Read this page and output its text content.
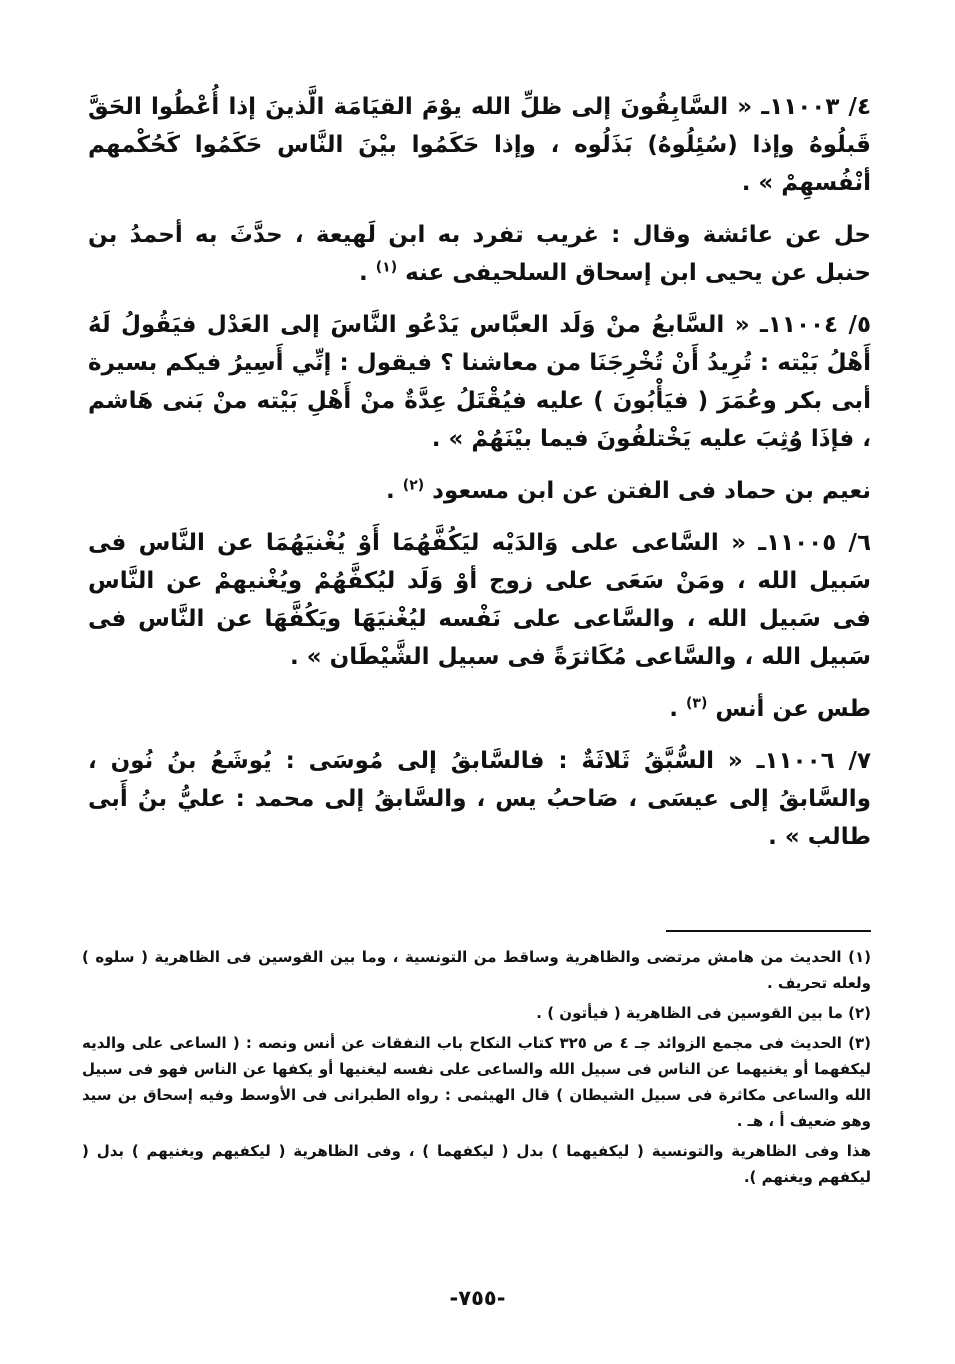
٤/ ١١٠٠٣ـ « السَّابِقُونَ إلى ظلِّ الله يوْمَ القيَامَة الَّذينَ إذا أُعْطُوا الحَقَّ قَبلُوهُ وإذا (سُئِلُوهُ) بَذَلُوه ، وإذا حَكَمُوا بيْنَ النَّاس حَكَمُوا كَحُكْمهم أنْفُسهِمْ » .

حل عن عائشة وقال : غريب تفرد به ابن لَهيعة ، حدَّثَ به أحمدُ بن حنبل عن يحيى ابن إسحاق السلحيفى عنه $^{(١)}$ .

٥/ ١١٠٠٤ـ « السَّابعُ منْ وَلَد العبَّاس يَدْعُو النَّاسَ إلى العَدْل فيَقُولُ لَهُ أَهْلُ بَيْته : تُرِيدُ أَنْ تُخْرِجَنَا من معاشنا ؟ فيقول : إنِّي أَسِيرُ فيكم بسيرة أبى بكر وعُمَرَ ( فيَأْبُونَ ) عليه فيُقْتَلُ عِدَّةٌ منْ أَهْلِ بَيْته منْ بَنى هَاشم ، فإذَا وُثِبَ عليه يَخْتلفُونَ فيما بيْنَهُمْ » .

نعيم بن حماد فى الفتن عن ابن مسعود $^{(٢)}$ .

٦/ ١١٠٠٥ـ « السَّاعى على وَالدَيْه ليَكُفَّهُمَا أَوْ يُغْنيَهُمَا عن النَّاس فى سَبيل الله ، ومَنْ سَعَى على زوج أوْ وَلَد ليُكفَّهُمْ ويُغْنيهمْ عن النَّاس فى سَبيل الله ، والسَّاعى على نَفْسه ليُغْنيَهَا ويَكُفَّهَا عن النَّاس فى سَبيل الله ، والسَّاعى مُكَاثرَةً فى سبيل الشَّيْطَان » .

طس عن أنس $^{(٣)}$ .

٧/ ١١٠٠٦ـ « السُّبَّقُ ثَلاثَةٌ : فالسَّابقُ إلى مُوسَى : يُوشَعُ بنُ نُون ، والسَّابقُ إلى عيسَى ، صَاحبُ يس ، والسَّابقُ إلى محمد : عليُّ بنُ أَبى طالب » .

(١) الحديث من هامش مرتضى والظاهرية وساقط من التونسية ، وما بين القوسين فى الظاهرية ( سلوه ) ولعله تحريف .

(٢) ما بين القوسين فى الظاهرية ( فيأتون ) .

(٣) الحديث فى مجمع الزوائد جـ ٤ ص ٣٢٥ كتاب النكاح باب النفقات عن أنس ونصه : ( الساعى على والديه ليكفهما أو يغنيهما عن الناس فى سبيل الله والساعى على نفسه ليغنيها أو يكفها عن الناس فهو فى سبيل الله والساعى مكاثرة فى سبيل الشيطان ) قال الهيثمى : رواه الطبرانى فى الأوسط وفيه إسحاق بن سيد وهو ضعيف أ ، هـ .

هذا وفى الظاهرية والتونسية ( ليكفيهما ) بدل ( ليكفهما ) ، وفى الظاهرية ( ليكفيهم ويغنيهم ) بدل ( ليكفهم ويغنهم ).

-٧٥٥-
